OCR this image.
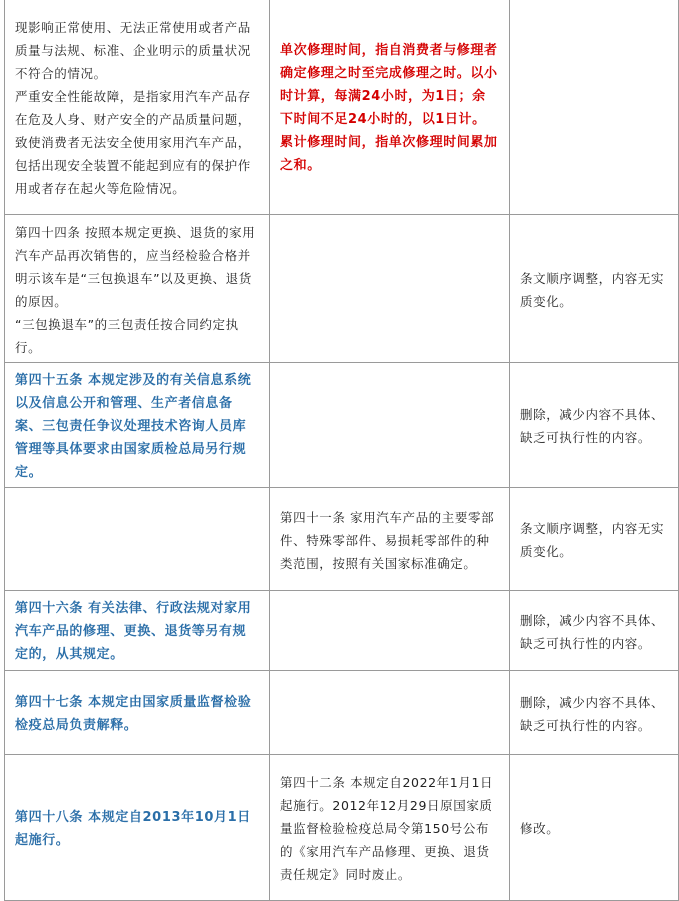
现影响正常使用、无法正常使用或者产品质量与法规、标准、企业明示的质量状况不符合的情况。
严重安全性能故障，是指家用汽车产品存在危及人身、财产安全的产品质量问题，致使消费者无法安全使用家用汽车产品，包括出现安全装置不能起到应有的保护作用或者存在起火等危险情况。	单次修理时间，指自消费者与修理者确定修理之时至完成修理之时。以小时计算，每满24小时，为1日；余下时间不足24小时的，以1日计。
累计修理时间，指单次修理时间累加之和。	

第四十四条 按照本规定更换、退货的家用汽车产品再次销售的，应当经检验合格并明示该车是“三包换退车”以及更换、退货的原因。
“三包换退车”的三包责任按合同约定执行。		条文顺序调整，内容无实质变化。

第四十五条 本规定涉及的有关信息系统以及信息公开和管理、生产者信息备案、三包责任争议处理技术咨询人员库管理等具体要求由国家质检总局另行规定。		删除，减少内容不具体、缺乏可执行性的内容。

	第四十一条 家用汽车产品的主要零部件、特殊零部件、易损耗零部件的种类范围，按照有关国家标准确定。	条文顺序调整，内容无实质变化。

第四十六条 有关法律、行政法规对家用汽车产品的修理、更换、退货等另有规定的，从其规定。		删除，减少内容不具体、缺乏可执行性的内容。

第四十七条 本规定由国家质量监督检验检疫总局负责解释。		删除，减少内容不具体、缺乏可执行性的内容。

第四十八条 本规定自2013年10月1日起施行。	第四十二条 本规定自2022年1月1日起施行。2012年12月29日原国家质量监督检验检疫总局令第150号公布的《家用汽车产品修理、更换、退货责任规定》同时废止。	修改。
